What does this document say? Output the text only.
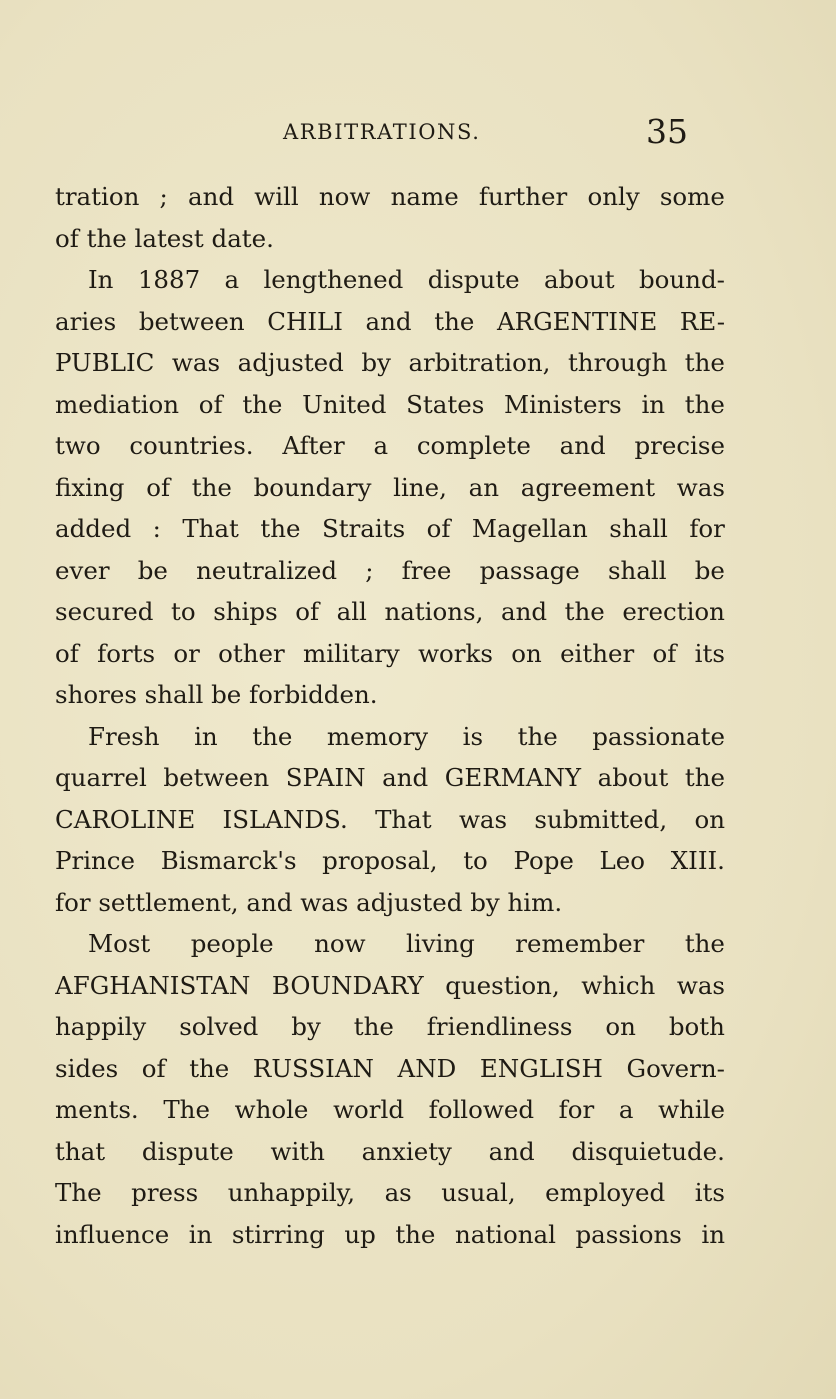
ARBITRATIONS.	35
tration ; and will now name further only some
of the latest date.
In 1887 a lengthened dispute about bound-
aries between CHILI and the ARGENTINE RE-
PUBLIC was adjusted by arbitration, through the
mediation of the United States Ministers in the
two countries. After a complete and precise
fixing of the boundary line, an agreement was
added : That the Straits of Magellan shall for
ever be neutralized ; free passage shall be
secured to ships of all nations, and the erection
of forts or other military works on either of its
shores shall be forbidden.
Fresh in the memory is the passionate
quarrel between SPAIN and GERMANY about the
CAROLINE ISLANDS. That was submitted, on
Prince Bismarck's proposal, to Pope Leo XIII.
for settlement, and was adjusted by him.
Most people now living remember the
AFGHANISTAN BOUNDARY question, which was
happily solved by the friendliness on both
sides of the RUSSIAN AND ENGLISH Govern-
ments. The whole world followed for a while
that dispute with anxiety and disquietude.
The press unhappily, as usual, employed its
influence in stirring up the national passions in
